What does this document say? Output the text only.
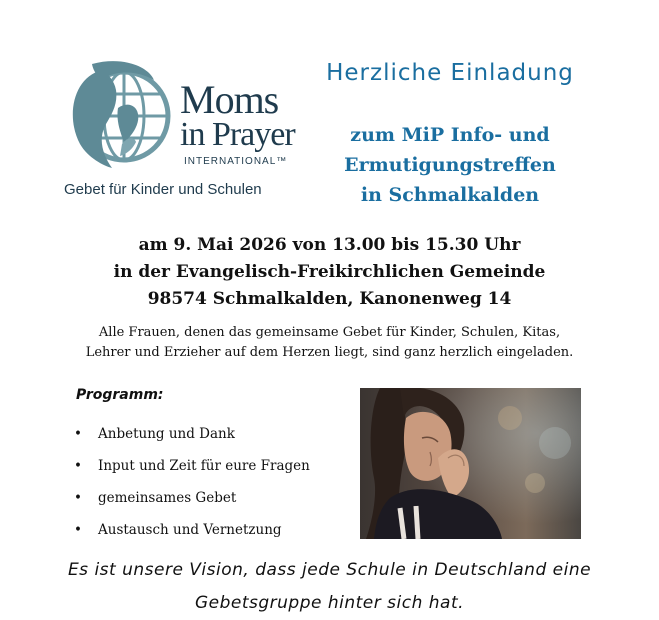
Moms
in Prayer
INTERNATIONAL™
Gebet für Kinder und Schulen
Herzliche Einladung
zum MiP Info- und
Ermutigungstreffen
in Schmalkalden
am 9. Mai 2026 von 13.00 bis 15.30 Uhr
in der Evangelisch-Freikirchlichen Gemeinde
98574 Schmalkalden, Kanonenweg 14
Alle Frauen, denen das gemeinsame Gebet für Kinder, Schulen, Kitas,
Lehrer und Erzieher auf dem Herzen liegt, sind ganz herzlich eingeladen.
Programm:
• Anbetung und Dank
• Input und Zeit für eure Fragen
• gemeinsames Gebet
• Austausch und Vernetzung
Es ist unsere Vision, dass jede Schule in Deutschland eine
Gebetsgruppe hinter sich hat.
